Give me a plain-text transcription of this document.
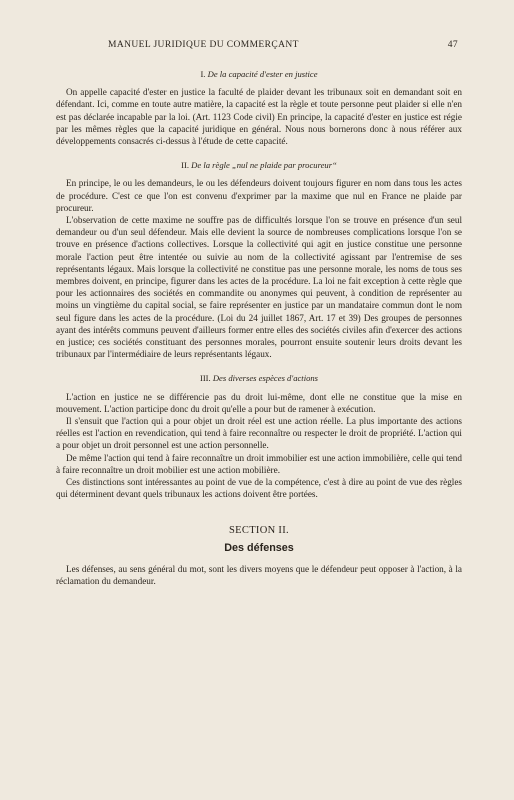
MANUEL JURIDIQUE DU COMMERÇANT	47
I. De la capacité d'ester en justice

On appelle capacité d'ester en justice la faculté de plaider devant les tribunaux soit en demandant soit en défendant. Ici, comme en toute autre matière, la capacité est la règle et toute personne peut plaider si elle n'en est pas déclarée incapable par la loi. (Art. 1123 Code civil) En principe, la capacité d'ester en justice est régie par les mêmes règles que la capacité juridique en général. Nous nous bornerons donc à nous référer aux développements consacrés ci-dessus à l'étude de cette capacité.

II. De la règle „nul ne plaide par procureur“

En principe, le ou les demandeurs, le ou les défendeurs doivent toujours figurer en nom dans tous les actes de procédure. C'est ce que l'on est convenu d'exprimer par la maxime que nul en France ne plaide par procureur.

L'observation de cette maxime ne souffre pas de difficultés lorsque l'on se trouve en présence d'un seul demandeur ou d'un seul défendeur. Mais elle devient la source de nombreuses complications lorsque l'on se trouve en présence d'actions collectives. Lorsque la collectivité qui agit en justice constitue une personne morale l'action peut être intentée ou suivie au nom de la collectivité agissant par l'entremise de ses représentants légaux. Mais lorsque la collectivité ne constitue pas une personne morale, les noms de tous ses membres doivent, en principe, figurer dans les actes de la procédure. La loi ne fait exception à cette règle que pour les actionnaires des sociétés en commandite ou anonymes qui peuvent, à condition de représenter au moins un vingtième du capital social, se faire représenter en justice par un mandataire commun dont le nom seul figure dans les actes de la procédure. (Loi du 24 juillet 1867, Art. 17 et 39) Des groupes de personnes ayant des intérêts communs peuvent d'ailleurs former entre elles des sociétés civiles afin d'exercer des actions en justice; ces sociétés constituant des personnes morales, pourront ensuite soutenir leurs droits devant les tribunaux par l'intermédiaire de leurs représentants légaux.

III. Des diverses espèces d'actions

L'action en justice ne se différencie pas du droit lui-même, dont elle ne constitue que la mise en mouvement. L'action participe donc du droit qu'elle a pour but de ramener à exécution.

Il s'ensuit que l'action qui a pour objet un droit réel est une action réelle. La plus importante des actions réelles est l'action en revendication, qui tend à faire reconnaître ou respecter le droit de propriété. L'action qui a pour objet un droit personnel est une action personnelle.

De même l'action qui tend à faire reconnaître un droit immobilier est une action immobilière, celle qui tend à faire reconnaître un droit mobilier est une action mobilière.

Ces distinctions sont intéressantes au point de vue de la compétence, c'est à dire au point de vue des règles qui déterminent devant quels tribunaux les actions doivent être portées.

SECTION II.
Des défenses

Les défenses, au sens général du mot, sont les divers moyens que le défendeur peut opposer à l'action, à la réclamation du demandeur.
